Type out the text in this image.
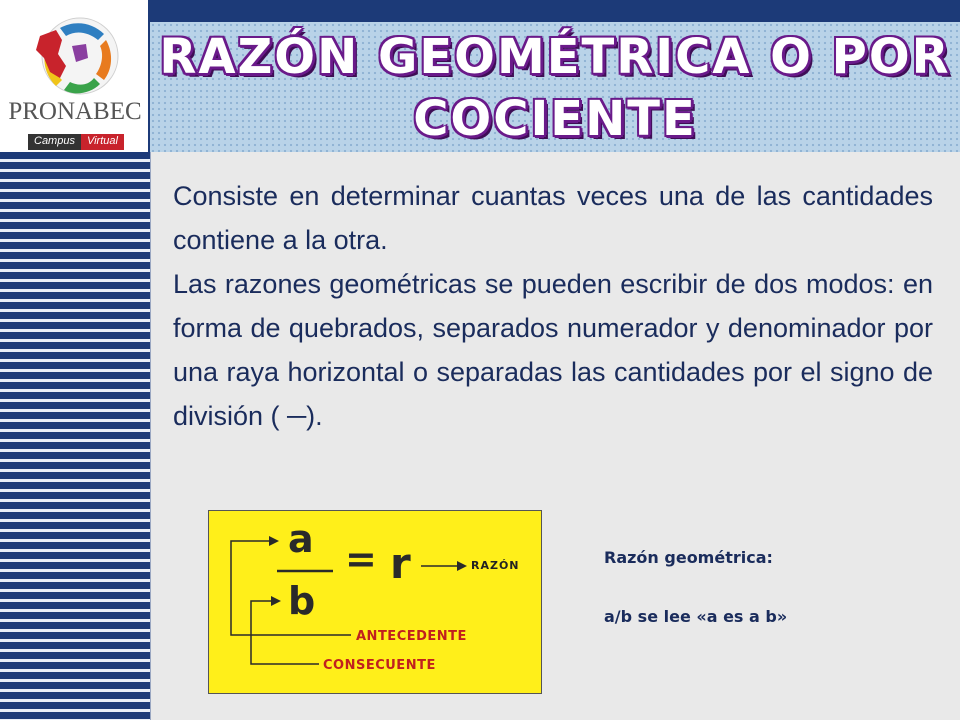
PRONABEC
Campus	Virtual
RAZÓN GEOMÉTRICA O POR
COCIENTE
Consiste en determinar cuantas veces una de las cantidades contiene a la otra.
Las razones geométricas se pueden escribir de dos modos: en forma de quebrados, separados numerador y denominador por una raya horizontal o separadas las cantidades por el signo de división ( ─).
a
b
= r	RAZÓN
ANTECEDENTE
CONSECUENTE
Razón geométrica:
a/b se lee «a es a b»
